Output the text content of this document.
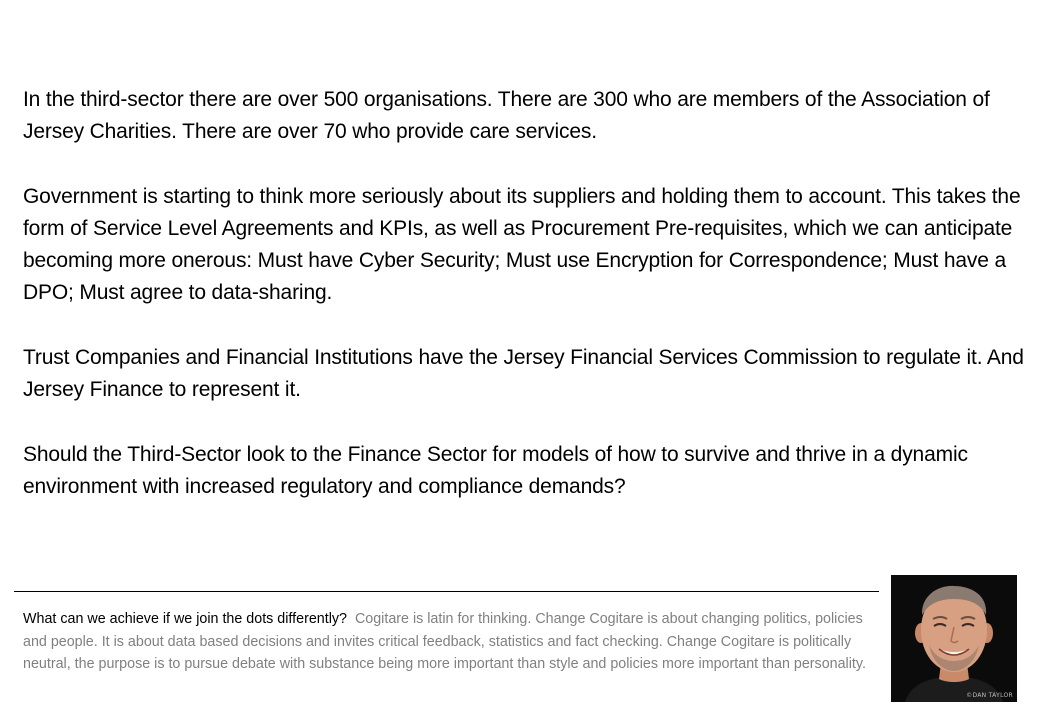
In the third-sector there are over 500 organisations. There are 300 who are members of the Association of Jersey Charities. There are over 70 who provide care services.

Government is starting to think more seriously about its suppliers and holding them to account. This takes the form of Service Level Agreements and KPIs, as well as Procurement Pre-requisites, which we can anticipate becoming more onerous: Must have Cyber Security; Must use Encryption for Correspondence; Must have a DPO; Must agree to data-sharing.

Trust Companies and Financial Institutions have the Jersey Financial Services Commission to regulate it. And Jersey Finance to represent it.

Should the Third-Sector look to the Finance Sector for models of how to survive and thrive in a dynamic environment with increased regulatory and compliance demands?

What can we achieve if we join the dots differently? Cogitare is latin for thinking. Change Cogitare is about changing politics, policies and people. It is about data based decisions and invites critical feedback, statistics and fact checking. Change Cogitare is politically neutral, the purpose is to pursue debate with substance being more important than style and policies more important than personality.
©DAN TAYLOR
